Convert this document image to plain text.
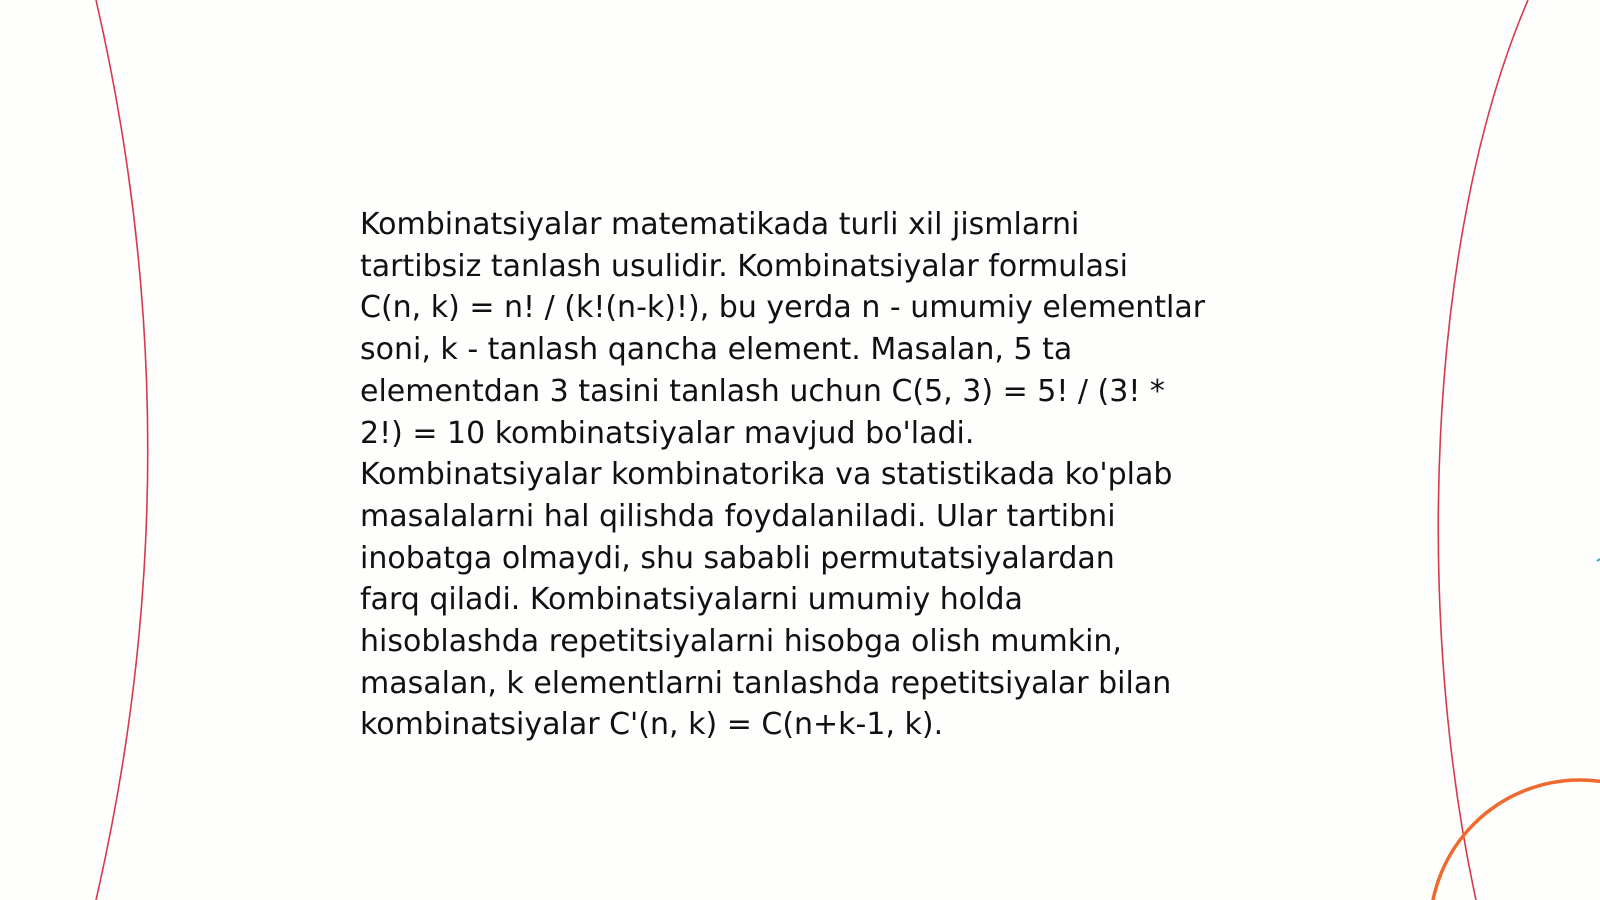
Kombinatsiyalar matematikada turli xil jismlarni
tartibsiz tanlash usulidir. Kombinatsiyalar formulasi
C(n, k) = n! / (k!(n-k)!), bu yerda n - umumiy elementlar
soni, k - tanlash qancha element. Masalan, 5 ta
elementdan 3 tasini tanlash uchun C(5, 3) = 5! / (3! *
2!) = 10 kombinatsiyalar mavjud bo'ladi.
Kombinatsiyalar kombinatorika va statistikada ko'plab
masalalarni hal qilishda foydalaniladi. Ular tartibni
inobatga olmaydi, shu sababli permutatsiyalardan
farq qiladi. Kombinatsiyalarni umumiy holda
hisoblashda repetitsiyalarni hisobga olish mumkin,
masalan, k elementlarni tanlashda repetitsiyalar bilan
kombinatsiyalar C'(n, k) = C(n+k-1, k).
